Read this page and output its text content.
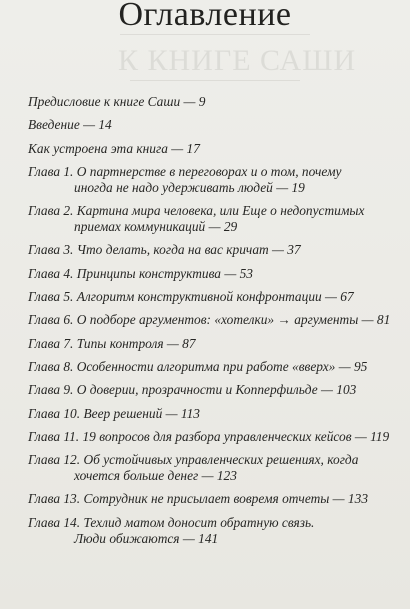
К КНИГЕ САШИ
Оглавление
Предисловие к книге Саши — 9
Введение — 14
Как устроена эта книга — 17
Глава 1. О партнерстве в переговорах и о том, почему
иногда не надо удерживать людей — 19
Глава 2. Картина мира человека, или Еще о недопустимых
приемах коммуникаций — 29
Глава 3. Что делать, когда на вас кричат — 37
Глава 4. Принципы конструктива — 53
Глава 5. Алгоритм конструктивной конфронтации — 67
Глава 6. О подборе аргументов: «хотелки» → аргументы — 81
Глава 7. Типы контроля — 87
Глава 8. Особенности алгоритма при работе «вверх» — 95
Глава 9. О доверии, прозрачности и Копперфильде — 103
Глава 10. Веер решений — 113
Глава 11. 19 вопросов для разбора управленческих кейсов — 119
Глава 12. Об устойчивых управленческих решениях, когда
хочется больше денег — 123
Глава 13. Сотрудник не присылает вовремя отчеты — 133
Глава 14. Техлид матом доносит обратную связь.
Люди обижаются — 141
